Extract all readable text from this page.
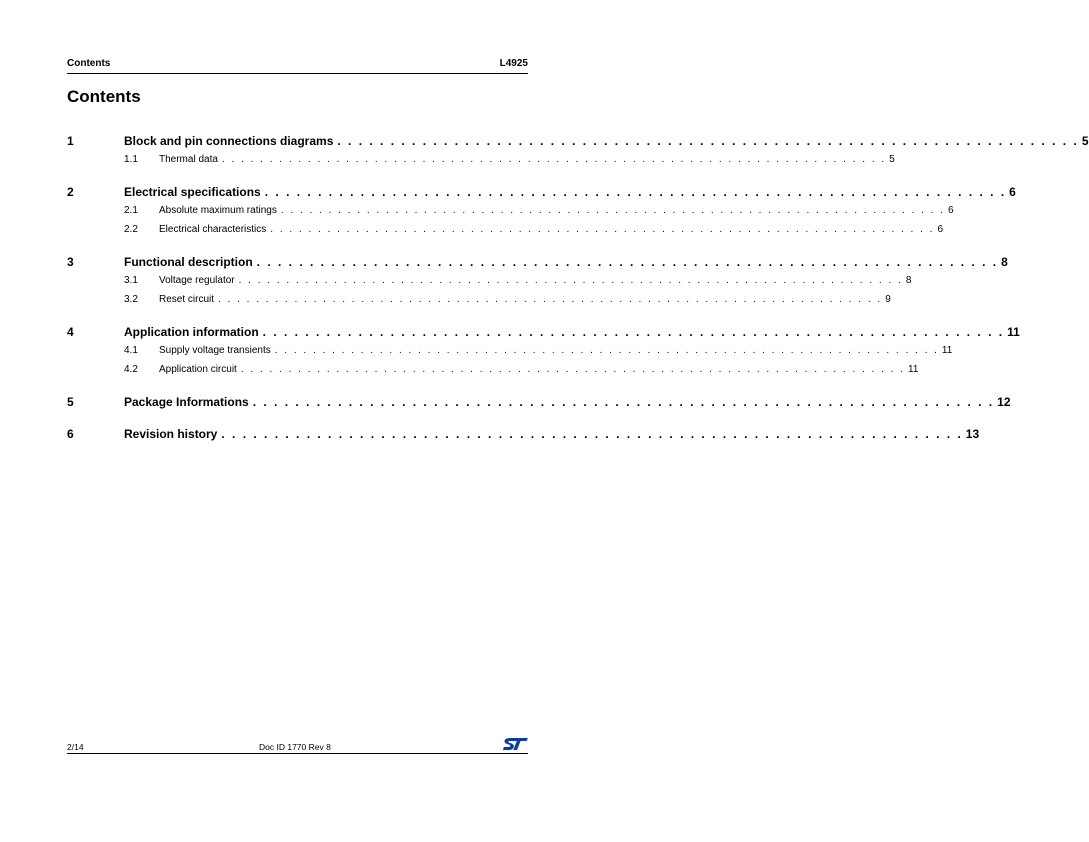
Contents	L4925
Contents
1	Block and pin connections diagrams . . . . . . . . . . . . . . . . . . . . . . . . . . . . . . . . . . . . . . . . . . . . . . . . . . . . . . . . . . . . . . . . . . . . . . 5
1.1 Thermal data . . . . . . . . . . . . . . . . . . . . . . . . . . . . . . . . . . . . . . . . . . . . . . . . . . . . . . . . . . . . . . . . . . . . . . 5
2	Electrical specifications . . . . . . . . . . . . . . . . . . . . . . . . . . . . . . . . . . . . . . . . . . . . . . . . . . . . . . . . . . . . . . . . . . . . . . 6
2.1 Absolute maximum ratings . . . . . . . . . . . . . . . . . . . . . . . . . . . . . . . . . . . . . . . . . . . . . . . . . . . . . . . . . . . . . . . . . . . . . . 6
2.2 Electrical characteristics . . . . . . . . . . . . . . . . . . . . . . . . . . . . . . . . . . . . . . . . . . . . . . . . . . . . . . . . . . . . . . . . . . . . . . 6
3	Functional description . . . . . . . . . . . . . . . . . . . . . . . . . . . . . . . . . . . . . . . . . . . . . . . . . . . . . . . . . . . . . . . . . . . . . . 8
3.1 Voltage regulator . . . . . . . . . . . . . . . . . . . . . . . . . . . . . . . . . . . . . . . . . . . . . . . . . . . . . . . . . . . . . . . . . . . . . . 8
3.2 Reset circuit . . . . . . . . . . . . . . . . . . . . . . . . . . . . . . . . . . . . . . . . . . . . . . . . . . . . . . . . . . . . . . . . . . . . . . 9
4	Application information . . . . . . . . . . . . . . . . . . . . . . . . . . . . . . . . . . . . . . . . . . . . . . . . . . . . . . . . . . . . . . . . . . . . . . 11
4.1 Supply voltage transients . . . . . . . . . . . . . . . . . . . . . . . . . . . . . . . . . . . . . . . . . . . . . . . . . . . . . . . . . . . . . . . . . . . . . . 11
4.2 Application circuit . . . . . . . . . . . . . . . . . . . . . . . . . . . . . . . . . . . . . . . . . . . . . . . . . . . . . . . . . . . . . . . . . . . . . . 11
5	Package Informations . . . . . . . . . . . . . . . . . . . . . . . . . . . . . . . . . . . . . . . . . . . . . . . . . . . . . . . . . . . . . . . . . . . . . . 12
6	Revision history . . . . . . . . . . . . . . . . . . . . . . . . . . . . . . . . . . . . . . . . . . . . . . . . . . . . . . . . . . . . . . . . . . . . . . 13
2/14	Doc ID 1770 Rev 8
